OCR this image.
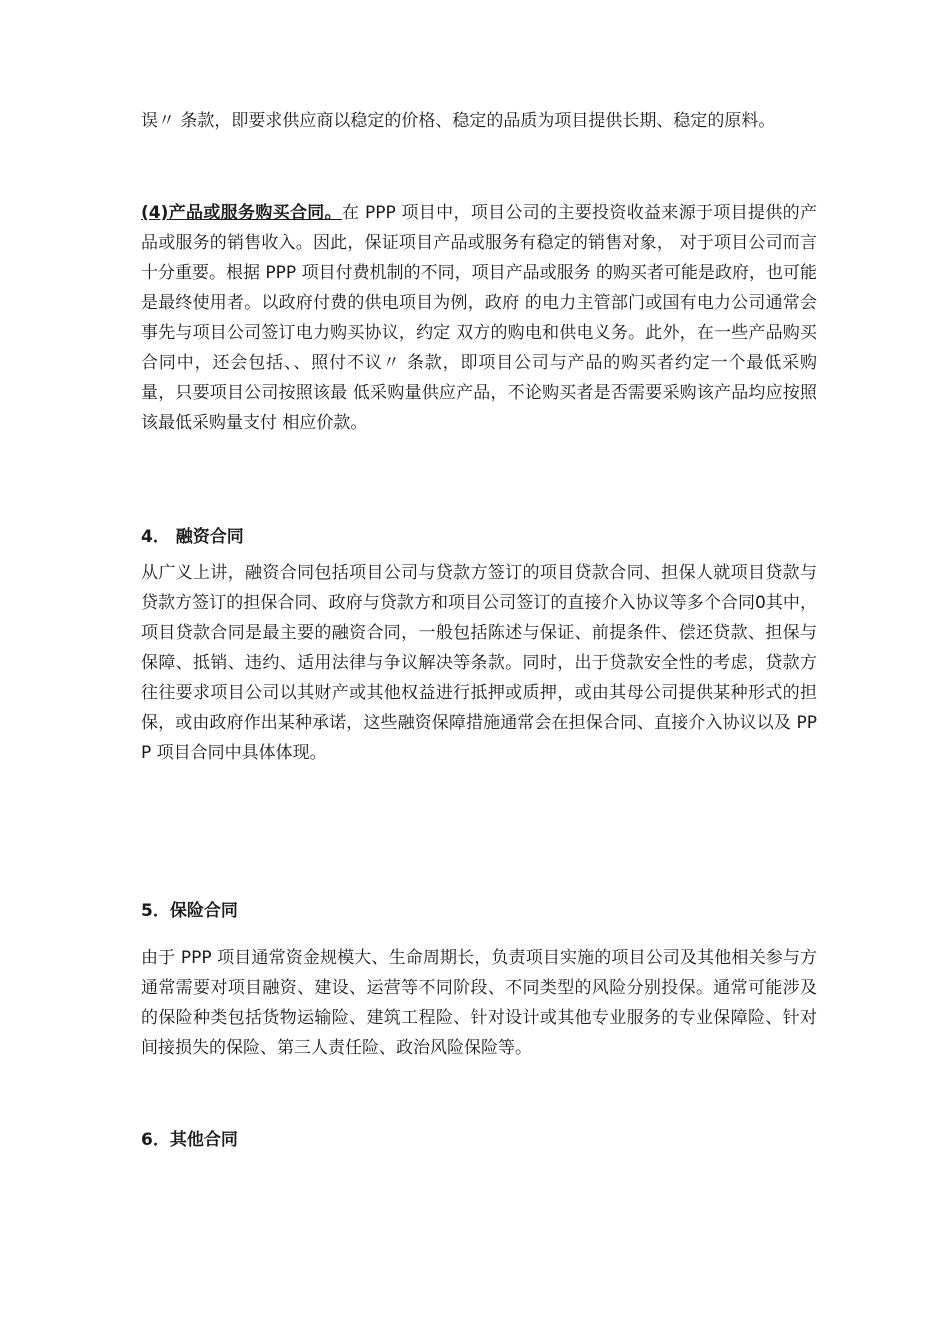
误〃 条款，即要求供应商以稳定的价格、稳定的品质为项目提供长期、稳定的原料。

(4)产品或服务购买合同。在 PPP 项目中，项目公司的主要投资收益来源于项目提供的产品或服务的销售收入。因此，保证项目产品或服务有稳定的销售对象， 对于项目公司而言十分重要。根据 PPP 项目付费机制的不同，项目产品或服务 的购买者可能是政府，也可能是最终使用者。以政府付费的供电项目为例，政府 的电力主管部门或国有电力公司通常会事先与项目公司签订电力购买协议，约定 双方的购电和供电义务。此外，在一些产品购买合同中，还会包括、、照付不议〃 条款，即项目公司与产品的购买者约定一个最低采购量，只要项目公司按照该最 低采购量供应产品，不论购买者是否需要采购该产品均应按照该最低采购量支付 相应价款。

4． 融资合同

从广义上讲，融资合同包括项目公司与贷款方签订的项目贷款合同、担保人就项目贷款与贷款方签订的担保合同、政府与贷款方和项目公司签订的直接介入协议等多个合同0其中，项目贷款合同是最主要的融资合同，一般包括陈述与保证、前提条件、偿还贷款、担保与保障、抵销、违约、适用法律与争议解决等条款。同时，出于贷款安全性的考虑，贷款方往往要求项目公司以其财产或其他权益进行抵押或质押，或由其母公司提供某种形式的担保，或由政府作出某种承诺，这些融资保障措施通常会在担保合同、直接介入协议以及 PPP 项目合同中具体体现。

5．保险合同

由于 PPP 项目通常资金规模大、生命周期长，负责项目实施的项目公司及其他相关参与方通常需要对项目融资、建设、运营等不同阶段、不同类型的风险分别投保。通常可能涉及的保险种类包括货物运输险、建筑工程险、针对设计或其他专业服务的专业保障险、针对间接损失的保险、第三人责任险、政治风险保险等。

6．其他合同
